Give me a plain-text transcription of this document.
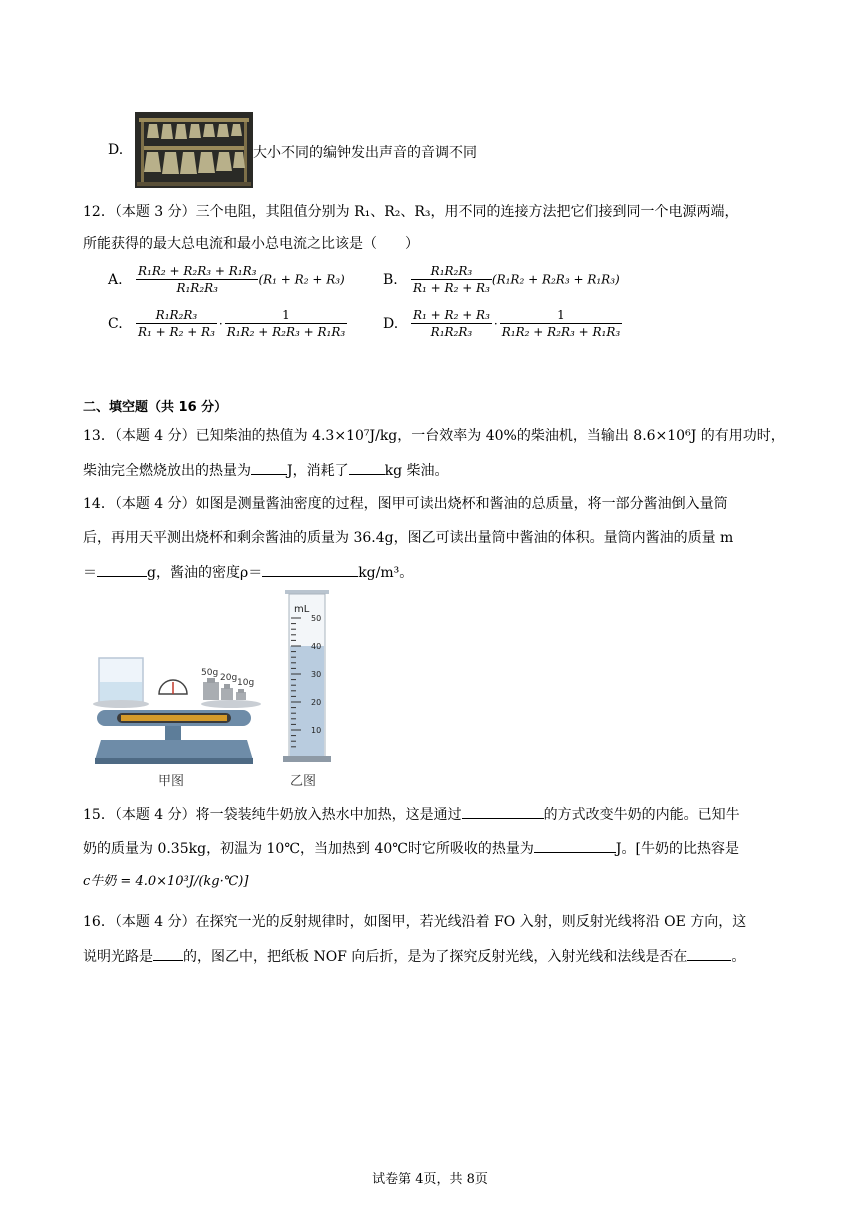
D.	大小不同的编钟发出声音的音调不同
12．（本题 3 分）三个电阻，其阻值分别为 R₁、R₂、R₃，用不同的连接方法把它们接到同一个电源两端，
所能获得的最大总电流和最小总电流之比该是（　　）
A. $\frac{\text{R₁R₂ + R₂R₃ + R₁R₃}}{\text{R₁R₂R₃}} (R_1 + R_2 + R_3)$	B. $\frac{\text{R₁R₂R₃}}{\text{R₁ + R₂ + R₃}} (R_1R_2 + R_2R_3 + R_1R_3)$
C. $\frac{\text{R₁R₂R₃}}{\text{R₁ + R₂ + R₃}} \cdot \frac{1}{\text{R₁R₂ + R₂R₃ + R₁R₃}}$	D. $\frac{\text{R₁ + R₂ + R₃}}{\text{R₁R₂R₃}} \cdot \frac{1}{\text{R₁R₂ + R₂R₃ + R₁R₃}}$
二、填空题（共 16 分）
13．（本题 4 分）已知柴油的热值为 4.3×10⁷J/kg，一台效率为 40%的柴油机，当输出 8.6×10⁶J 的有用功时，
柴油完全燃烧放出的热量为	J，消耗了	kg 柴油。
14．（本题 4 分）如图是测量酱油密度的过程，图甲可读出烧杯和酱油的总质量，将一部分酱油倒入量筒
后，再用天平测出烧杯和剩余酱油的质量为 36.4g，图乙可读出量筒中酱油的体积。量筒内酱油的质量 m
＝	g，酱油的密度ρ＝	kg/m³。
50g 20g 10g
甲图
mL
50
40
30
20
10
乙图
15．（本题 4 分）将一袋装纯牛奶放入热水中加热，这是通过	的方式改变牛奶的内能。已知牛
奶的质量为 0.35kg，初温为 10℃，当加热到 40℃时它所吸收的热量为	J。[牛奶的比热容是
c牛奶 = 4.0×10³J/(kg·℃)]
16．（本题 4 分）在探究一光的反射规律时，如图甲，若光线沿着 FO 入射，则反射光线将沿 OE 方向，这
说明光路是 的，图乙中，把纸板 NOF 向后折，是为了探究反射光线，入射光线和法线是否在	。
试卷第 4页，共 8页
